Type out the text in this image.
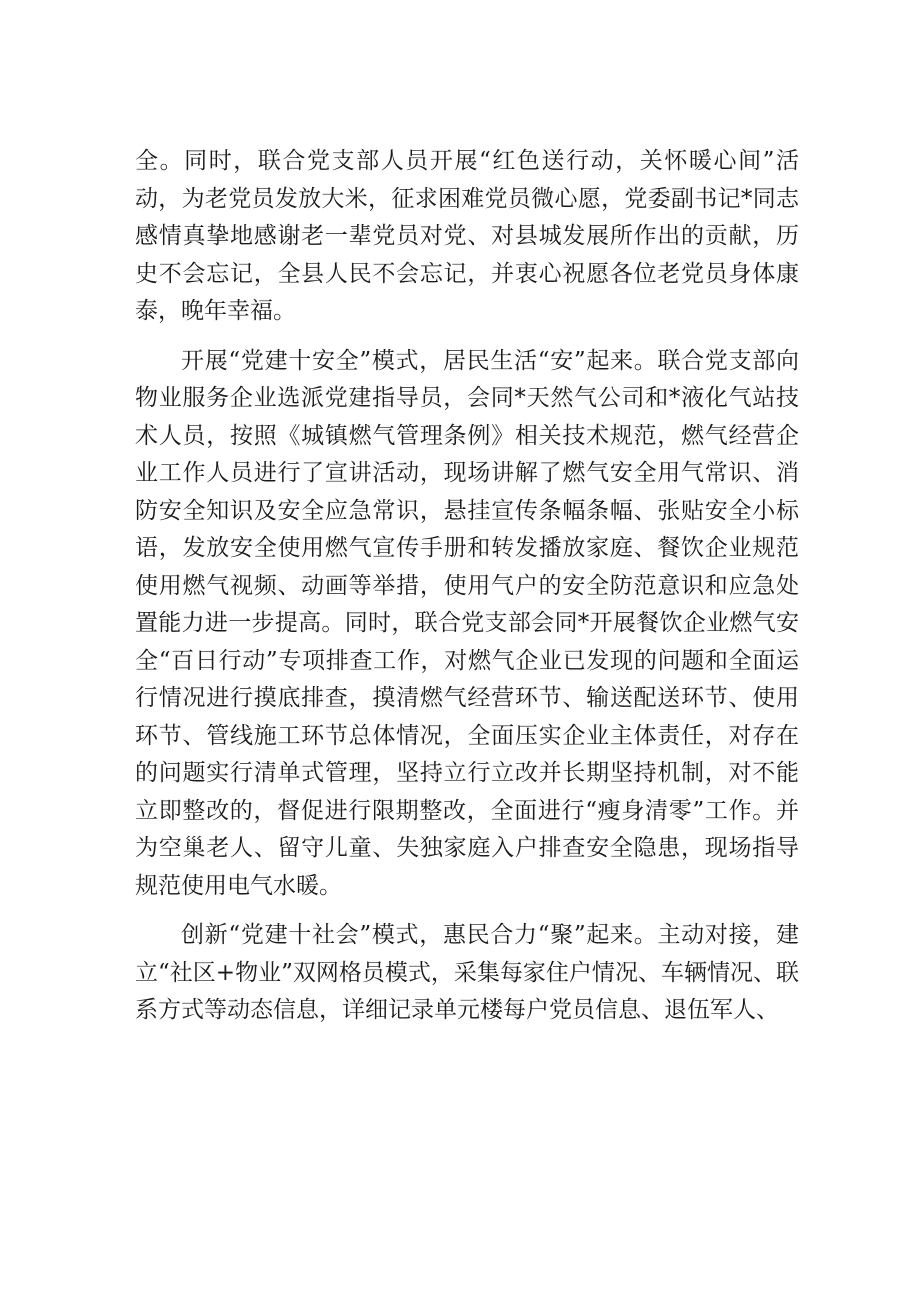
全。同时，联合党支部人员开展“红色送行动，关怀暖心间”活动，为老党员发放大米，征求困难党员微心愿，党委副书记*同志感情真挚地感谢老一辈党员对党、对县城发展所作出的贡献，历史不会忘记，全县人民不会忘记，并衷心祝愿各位老党员身体康泰，晚年幸福。

开展“党建十安全”模式，居民生活“安”起来。联合党支部向物业服务企业选派党建指导员，会同*天然气公司和*液化气站技术人员，按照《城镇燃气管理条例》相关技术规范，燃气经营企业工作人员进行了宣讲活动，现场讲解了燃气安全用气常识、消防安全知识及安全应急常识，悬挂宣传条幅条幅、张贴安全小标语，发放安全使用燃气宣传手册和转发播放家庭、餐饮企业规范使用燃气视频、动画等举措，使用气户的安全防范意识和应急处置能力进一步提高。同时，联合党支部会同*开展餐饮企业燃气安全“百日行动”专项排查工作，对燃气企业已发现的问题和全面运行情况进行摸底排查，摸清燃气经营环节、输送配送环节、使用环节、管线施工环节总体情况，全面压实企业主体责任，对存在的问题实行清单式管理，坚持立行立改并长期坚持机制，对不能立即整改的，督促进行限期整改，全面进行“瘦身清零”工作。并为空巢老人、留守儿童、失独家庭入户排查安全隐患，现场指导规范使用电气水暖。

创新“党建十社会”模式，惠民合力“聚”起来。主动对接，建立“社区+物业”双网格员模式，采集每家住户情况、车辆情况、联系方式等动态信息，详细记录单元楼每户党员信息、退伍军人、
